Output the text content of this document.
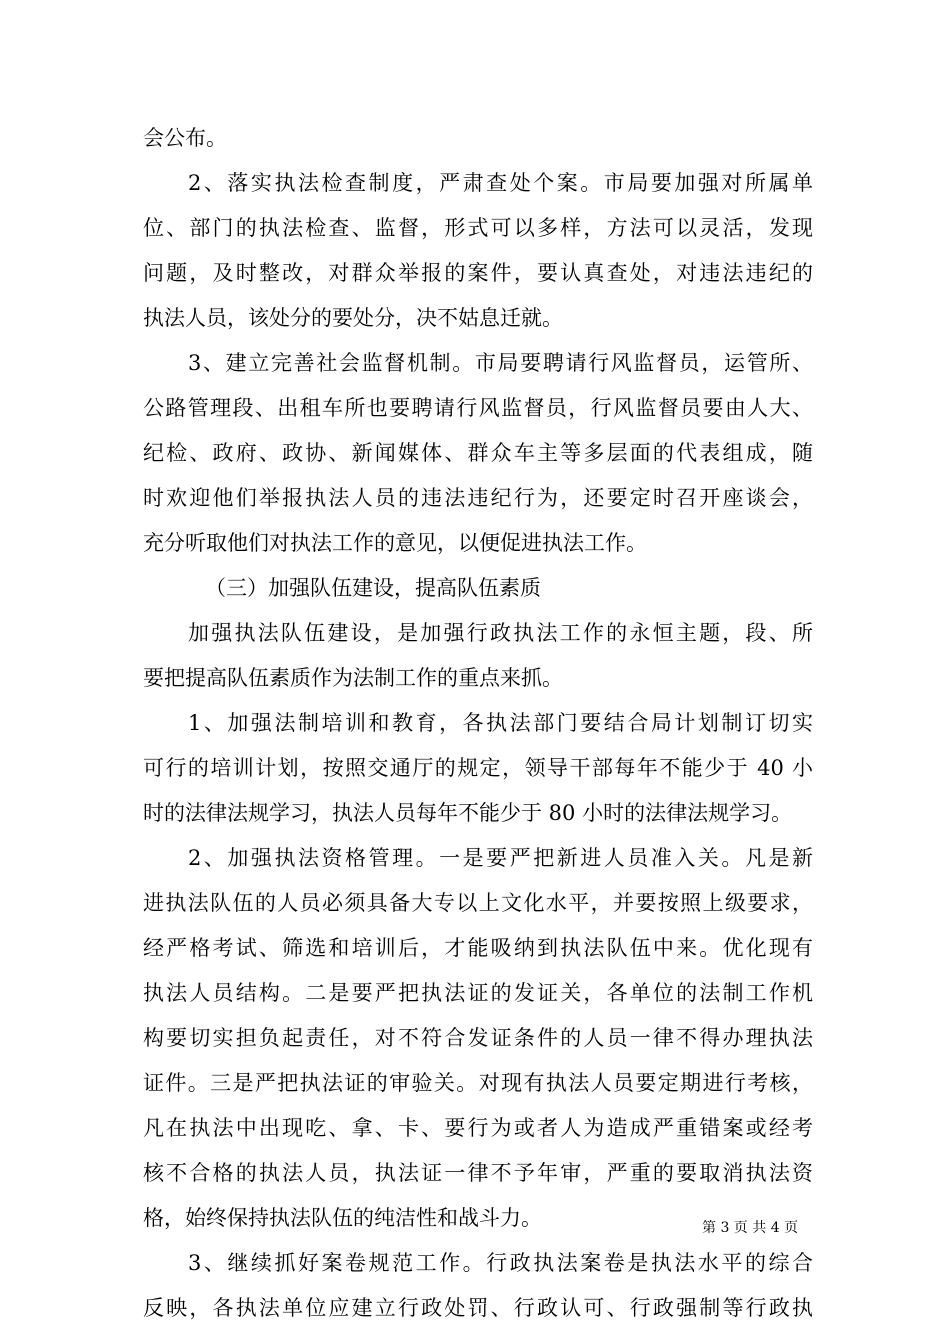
会公布。
2、落实执法检查制度，严肃查处个案。市局要加强对所属单
位、部门的执法检查、监督，形式可以多样，方法可以灵活，发现
问题，及时整改，对群众举报的案件，要认真查处，对违法违纪的
执法人员，该处分的要处分，决不姑息迁就。
3、建立完善社会监督机制。市局要聘请行风监督员，运管所、
公路管理段、出租车所也要聘请行风监督员，行风监督员要由人大、
纪检、政府、政协、新闻媒体、群众车主等多层面的代表组成，随
时欢迎他们举报执法人员的违法违纪行为，还要定时召开座谈会，
充分听取他们对执法工作的意见，以便促进执法工作。
（三）加强队伍建设，提高队伍素质
加强执法队伍建设，是加强行政执法工作的永恒主题，段、所
要把提高队伍素质作为法制工作的重点来抓。
1、加强法制培训和教育，各执法部门要结合局计划制订切实
可行的培训计划，按照交通厅的规定，领导干部每年不能少于 40 小
时的法律法规学习，执法人员每年不能少于 80 小时的法律法规学习。
2、加强执法资格管理。一是要严把新进人员准入关。凡是新
进执法队伍的人员必须具备大专以上文化水平，并要按照上级要求，
经严格考试、筛选和培训后，才能吸纳到执法队伍中来。优化现有
执法人员结构。二是要严把执法证的发证关，各单位的法制工作机
构要切实担负起责任，对不符合发证条件的人员一律不得办理执法
证件。三是严把执法证的审验关。对现有执法人员要定期进行考核，
凡在执法中出现吃、拿、卡、要行为或者人为造成严重错案或经考
核不合格的执法人员，执法证一律不予年审，严重的要取消执法资
格，始终保持执法队伍的纯洁性和战斗力。
3、继续抓好案卷规范工作。行政执法案卷是执法水平的综合
反映，各执法单位应建立行政处罚、行政认可、行政强制等行政执
第 3 页 共 4 页
